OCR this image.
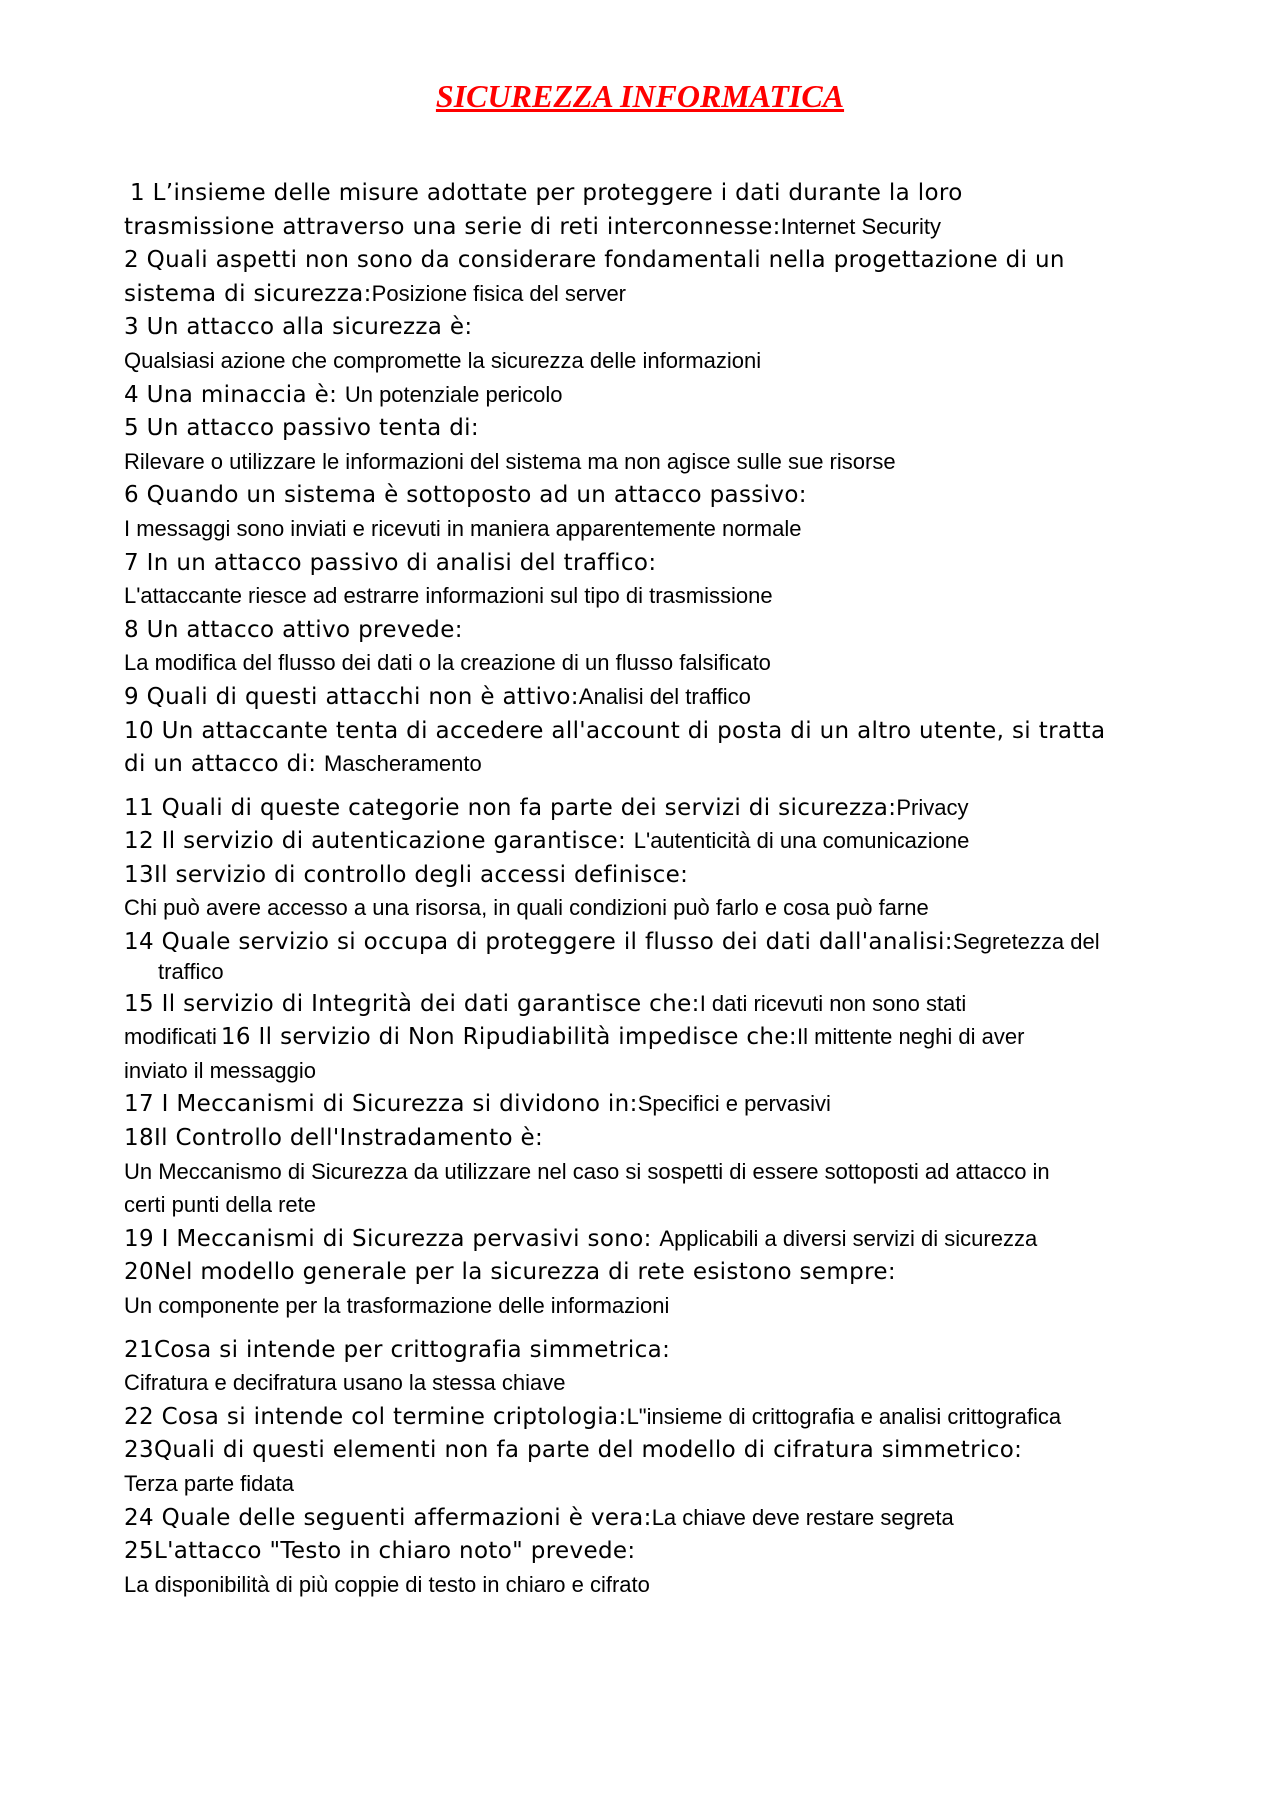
SICUREZZA INFORMATICA
1 L’insieme delle misure adottate per proteggere i dati durante la loro
trasmissione attraverso una serie di reti interconnesse:Internet Security
2 Quali aspetti non sono da considerare fondamentali nella progettazione di un
sistema di sicurezza:Posizione fisica del server
3 Un attacco alla sicurezza è:
Qualsiasi azione che compromette la sicurezza delle informazioni
4 Una minaccia è: Un potenziale pericolo
5 Un attacco passivo tenta di:
Rilevare o utilizzare le informazioni del sistema ma non agisce sulle sue risorse
6 Quando un sistema è sottoposto ad un attacco passivo:
I messaggi sono inviati e ricevuti in maniera apparentemente normale
7 In un attacco passivo di analisi del traffico:
L'attaccante riesce ad estrarre informazioni sul tipo di trasmissione
8 Un attacco attivo prevede:
La modifica del flusso dei dati o la creazione di un flusso falsificato
9 Quali di questi attacchi non è attivo:Analisi del traffico
10 Un attaccante tenta di accedere all'account di posta di un altro utente, si tratta
di un attacco di: Mascheramento
11 Quali di queste categorie non fa parte dei servizi di sicurezza:Privacy
12 Il servizio di autenticazione garantisce: L'autenticità di una comunicazione
13Il servizio di controllo degli accessi definisce:
Chi può avere accesso a una risorsa, in quali condizioni può farlo e cosa può farne
14 Quale servizio si occupa di proteggere il flusso dei dati dall'analisi:Segretezza del
traffico
15 Il servizio di Integrità dei dati garantisce che:I dati ricevuti non sono stati
modificati 16 Il servizio di Non Ripudiabilità impedisce che:Il mittente neghi di aver
inviato il messaggio
17 I Meccanismi di Sicurezza si dividono in:Specifici e pervasivi
18Il Controllo dell'Instradamento è:
Un Meccanismo di Sicurezza da utilizzare nel caso si sospetti di essere sottoposti ad attacco in
certi punti della rete
19 I Meccanismi di Sicurezza pervasivi sono: Applicabili a diversi servizi di sicurezza
20Nel modello generale per la sicurezza di rete esistono sempre:
Un componente per la trasformazione delle informazioni
21Cosa si intende per crittografia simmetrica:
Cifratura e decifratura usano la stessa chiave
22 Cosa si intende col termine criptologia:L"insieme di crittografia e analisi crittografica
23Quali di questi elementi non fa parte del modello di cifratura simmetrico:
Terza parte fidata
24 Quale delle seguenti affermazioni è vera:La chiave deve restare segreta
25L'attacco "Testo in chiaro noto" prevede:
La disponibilità di più coppie di testo in chiaro e cifrato
